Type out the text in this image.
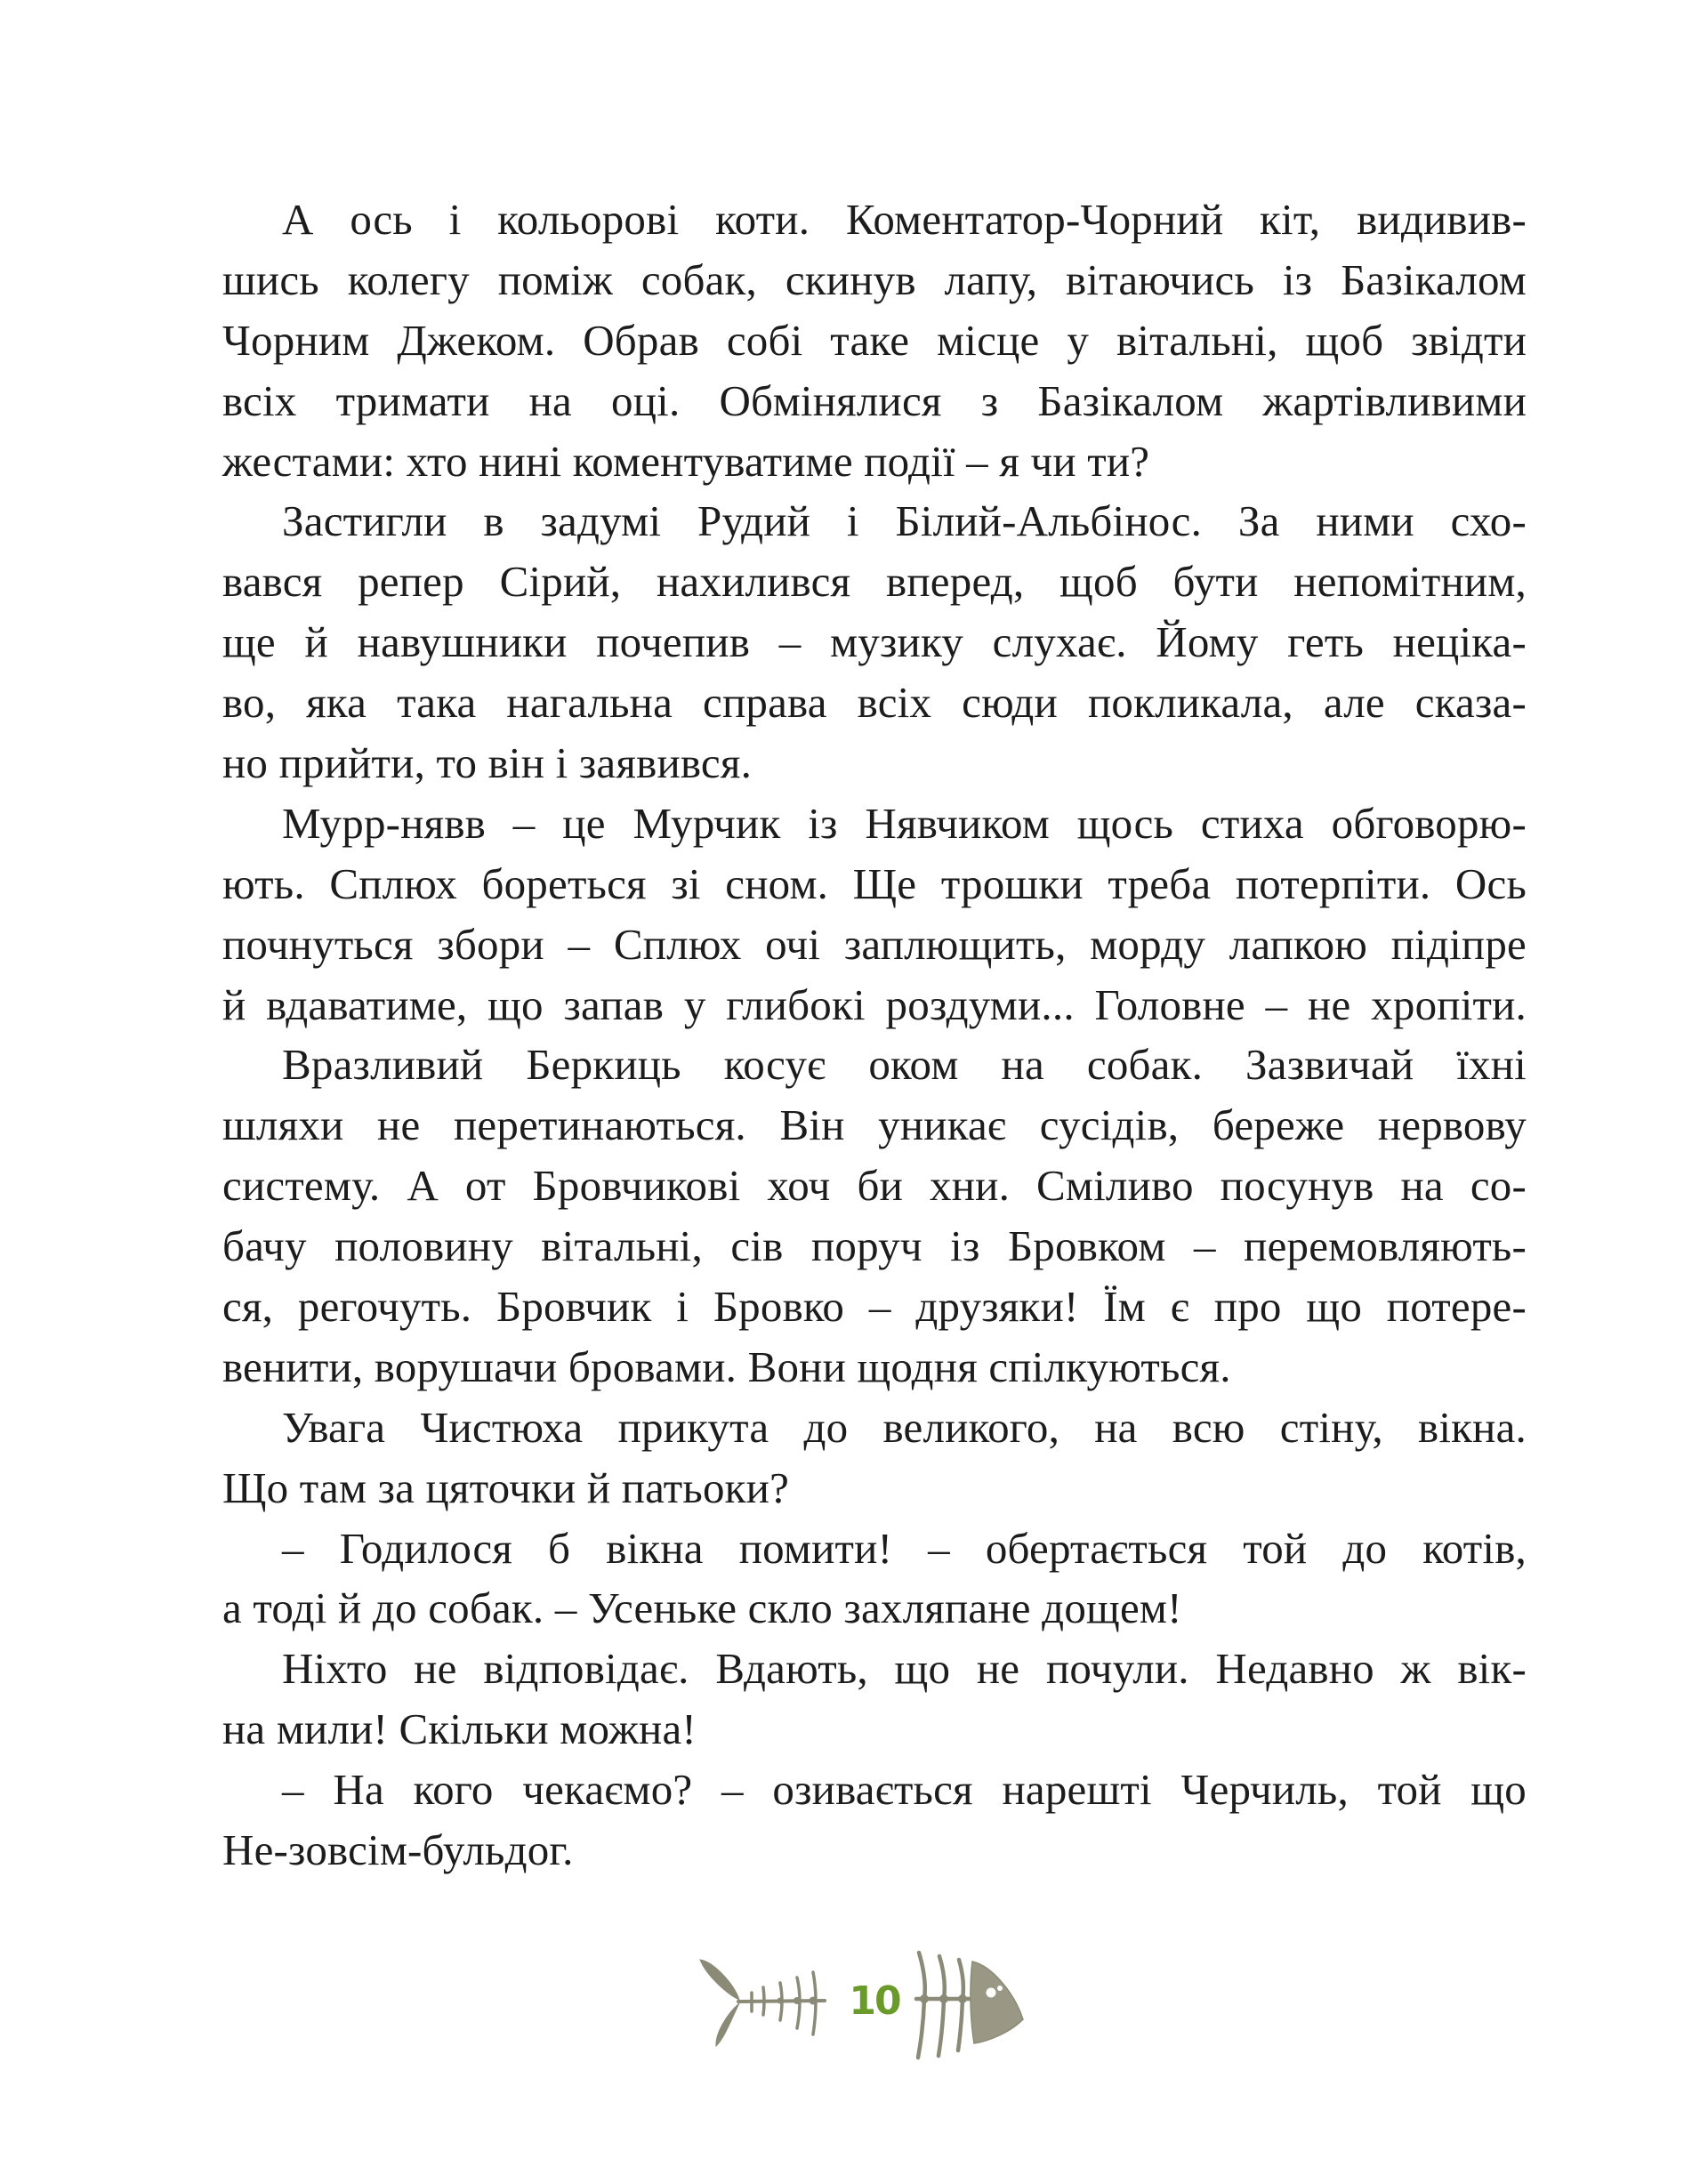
А ось і кольорові коти. Коментатор-Чорний кіт, видивив-
шись колегу поміж собак, скинув лапу, вітаючись із Базікалом
Чорним Джеком. Обрав собі таке місце у вітальні, щоб звідти
всіх тримати на оці. Обмінялися з Базікалом жартівливими
жестами: хто нині коментуватиме події – я чи ти?
Застигли в задумі Рудий і Білий-Альбінос. За ними схо-
вався репер Сірий, нахилився вперед, щоб бути непомітним,
ще й навушники почепив – музику слухає. Йому геть неціка-
во, яка така нагальна справа всіх сюди покликала, але сказа-
но прийти, то він і заявився.
Мурр-нявв – це Мурчик із Нявчиком щось стиха обговорю-
ють. Сплюх бореться зі сном. Ще трошки треба потерпіти. Ось
почнуться збори – Сплюх очі заплющить, морду лапкою підіпре
й вдаватиме, що запав у глибокі роздуми... Головне – не хропіти.
Вразливий Беркиць косує оком на собак. Зазвичай їхні
шляхи не перетинаються. Він уникає сусідів, береже нервову
систему. А от Бровчикові хоч би хни. Сміливо посунув на со-
бачу половину вітальні, сів поруч із Бровком – перемовляють-
ся, регочуть. Бровчик і Бровко – друзяки! Їм є про що потере-
венити, ворушачи бровами. Вони щодня спілкуються.
Увага Чистюха прикута до великого, на всю стіну, вікна.
Що там за цяточки й патьоки?
– Годилося б вікна помити! – обертається той до котів,
а тоді й до собак. – Усеньке скло захляпане дощем!
Ніхто не відповідає. Вдають, що не почули. Недавно ж вік-
на мили! Скільки можна!
– На кого чекаємо? – озивається нарешті Черчиль, той що
Не-зовсім-бульдог.
10
